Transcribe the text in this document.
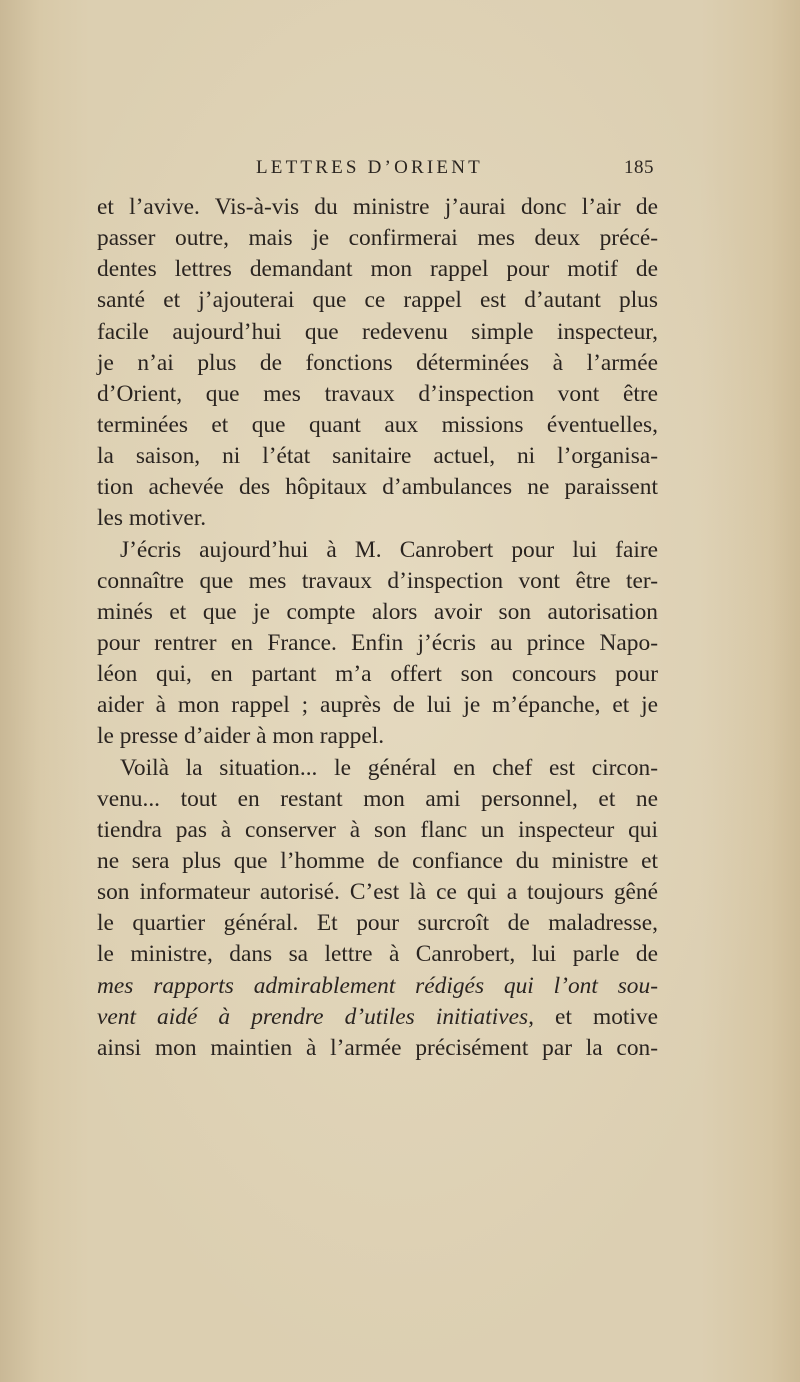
LETTRES D’ORIENT	185
et l’avive. Vis-à-vis du ministre j’aurai donc l’air de
passer outre, mais je confirmerai mes deux précé-
dentes lettres demandant mon rappel pour motif de
santé et j’ajouterai que ce rappel est d’autant plus
facile aujourd’hui que redevenu simple inspecteur,
je n’ai plus de fonctions déterminées à l’armée
d’Orient, que mes travaux d’inspection vont être
terminées et que quant aux missions éventuelles,
la saison, ni l’état sanitaire actuel, ni l’organisa-
tion achevée des hôpitaux d’ambulances ne paraissent
les motiver.
J’écris aujourd’hui à M. Canrobert pour lui faire
connaître que mes travaux d’inspection vont être ter-
minés et que je compte alors avoir son autorisation
pour rentrer en France. Enfin j’écris au prince Napo-
léon qui, en partant m’a offert son concours pour
aider à mon rappel ; auprès de lui je m’épanche, et je
le presse d’aider à mon rappel.
Voilà la situation... le général en chef est circon-
venu... tout en restant mon ami personnel, et ne
tiendra pas à conserver à son flanc un inspecteur qui
ne sera plus que l’homme de confiance du ministre et
son informateur autorisé. C’est là ce qui a toujours gêné
le quartier général. Et pour surcroît de maladresse,
le ministre, dans sa lettre à Canrobert, lui parle de
mes rapports admirablement rédigés qui l’ont sou-
vent aidé à prendre d’utiles initiatives, et motive
ainsi mon maintien à l’armée précisément par la con-
